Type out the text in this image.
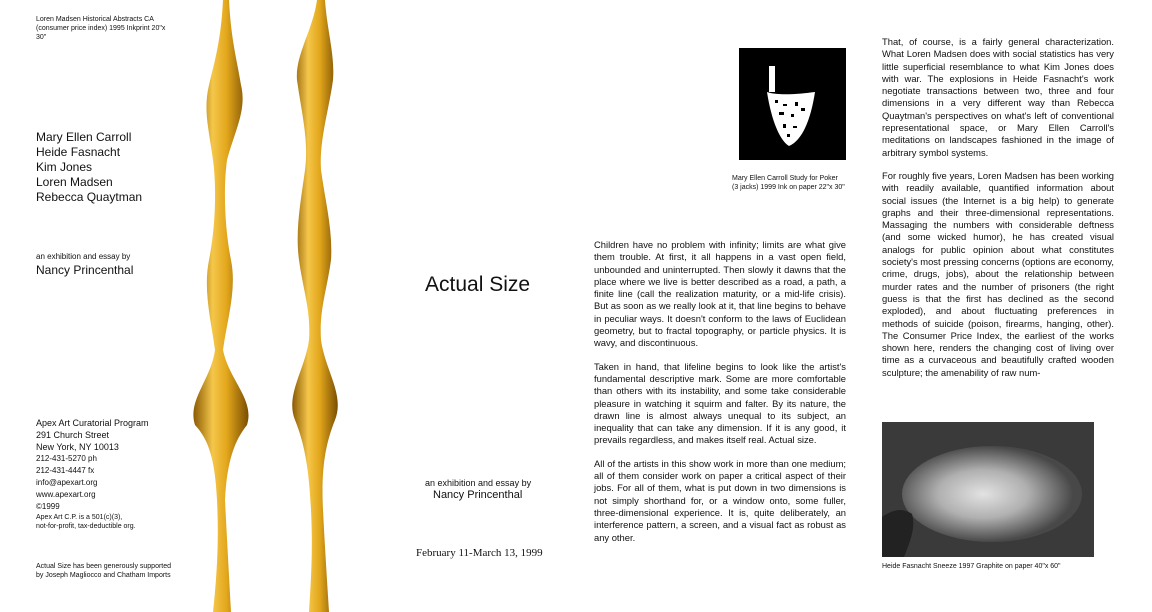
Loren Madsen Historical Abstracts CA (consumer price index) 1995 Inkprint 20"x 30"
Mary Ellen Carroll
Heide Fasnacht
Kim Jones
Loren Madsen
Rebecca Quaytman
an exhibition and essay by
Nancy Princenthal
Apex Art Curatorial Program
291 Church Street
New York, NY 10013
212-431-5270 ph
212-431-4447 fx
info@apexart.org
www.apexart.org
©1999
Apex Art C.P. is a 501(c)(3),
not-for-profit, tax-deductible org.
Actual Size has been generously supported
by Joseph Magliocco and Chatham Imports
Actual Size
an exhibition and essay by
Nancy Princenthal
February 11-March 13, 1999
Mary Ellen Carroll Study for Poker
(3 jacks) 1999 Ink on paper 22"x 30"

Children have no problem with infinity; limits are what give them trouble. At first, it all happens in a vast open field, unbounded and uninterrupted. Then slowly it dawns that the place where we live is better described as a road, a path, a finite line (call the realization maturity, or a mid-life crisis). But as soon as we really look at it, that line begins to behave in peculiar ways. It doesn't conform to the laws of Euclidean geometry, but to fractal topography, or particle physics. It is wavy, and discontinuous.

Taken in hand, that lifeline begins to look like the artist's fundamental descriptive mark. Some are more comfortable than others with its instability, and some take considerable pleasure in watching it squirm and falter. By its nature, the drawn line is almost always unequal to its subject, an inequality that can take any dimension. If it is any good, it prevails regardless, and makes itself real. Actual size.

All of the artists in this show work in more than one medium; all of them consider work on paper a critical aspect of their jobs. For all of them, what is put down in two dimensions is not simply shorthand for, or a window onto, some fuller, three-dimensional experience. It is, quite deliberately, an interference pattern, a screen, and a visual fact as robust as any other.

That, of course, is a fairly general characterization. What Loren Madsen does with social statistics has very little superficial resemblance to what Kim Jones does with war. The explosions in Heide Fasnacht's work negotiate transactions between two, three and four dimensions in a very different way than Rebecca Quaytman's perspectives on what's left of conventional representational space, or Mary Ellen Carroll's meditations on landscapes fashioned in the image of arbitrary symbol systems.

For roughly five years, Loren Madsen has been working with readily available, quantified information about social issues (the Internet is a big help) to generate graphs and their three-dimensional representations. Massaging the numbers with considerable deftness (and some wicked humor), he has created visual analogs for public opinion about what constitutes society's most pressing concerns (options are economy, crime, drugs, jobs), about the relationship between murder rates and the number of prisoners (the right guess is that the first has declined as the second exploded), and about fluctuating preferences in methods of suicide (poison, firearms, hanging, other). The Consumer Price Index, the earliest of the works shown here, renders the changing cost of living over time as a curvaceous and beautifully crafted wooden sculpture; the amenability of raw num-

Heide Fasnacht Sneeze 1997 Graphite on paper 40"x 60"
